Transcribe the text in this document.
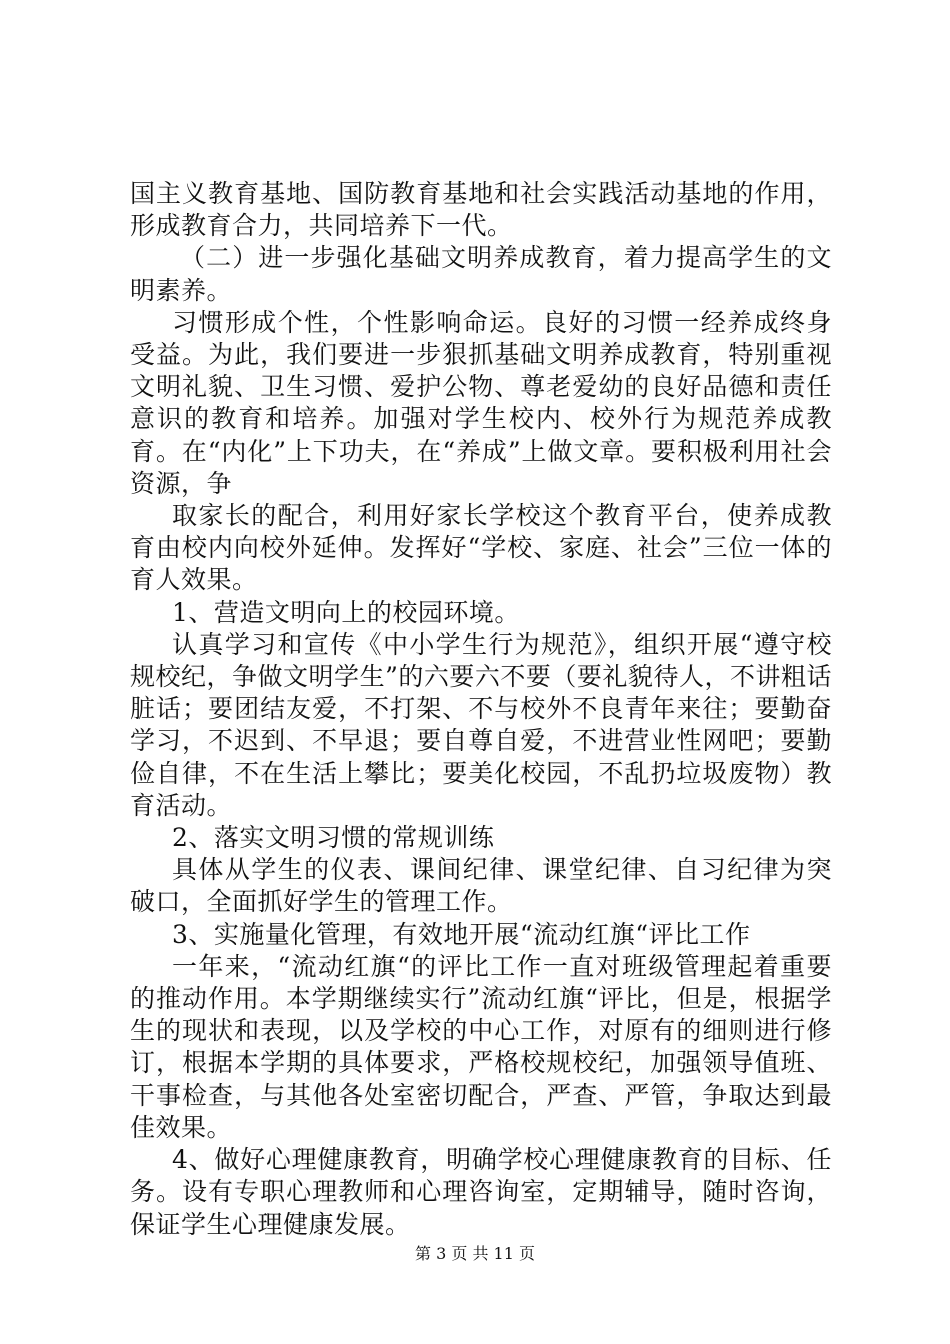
国主义教育基地、国防教育基地和社会实践活动基地的作用，形成教育合力，共同培养下一代。

（二）进一步强化基础文明养成教育，着力提高学生的文明素养。

习惯形成个性，个性影响命运。良好的习惯一经养成终身受益。为此，我们要进一步狠抓基础文明养成教育，特别重视文明礼貌、卫生习惯、爱护公物、尊老爱幼的良好品德和责任意识的教育和培养。加强对学生校内、校外行为规范养成教育。在“内化”上下功夫，在“养成”上做文章。要积极利用社会资源，争

取家长的配合，利用好家长学校这个教育平台，使养成教育由校内向校外延伸。发挥好“学校、家庭、社会”三位一体的育人效果。

1、营造文明向上的校园环境。

认真学习和宣传《中小学生行为规范》，组织开展“遵守校规校纪，争做文明学生”的六要六不要（要礼貌待人，不讲粗话脏话；要团结友爱，不打架、不与校外不良青年来往；要勤奋学习，不迟到、不早退；要自尊自爱，不进营业性网吧；要勤俭自律，不在生活上攀比；要美化校园，不乱扔垃圾废物）教育活动。

2、落实文明习惯的常规训练

具体从学生的仪表、课间纪律、课堂纪律、自习纪律为突破口，全面抓好学生的管理工作。

3、实施量化管理，有效地开展“流动红旗“评比工作

一年来，“流动红旗“的评比工作一直对班级管理起着重要的推动作用。本学期继续实行”流动红旗“评比，但是，根据学生的现状和表现，以及学校的中心工作，对原有的细则进行修订，根据本学期的具体要求，严格校规校纪，加强领导值班、干事检查，与其他各处室密切配合，严查、严管，争取达到最佳效果。

4、做好心理健康教育，明确学校心理健康教育的目标、任务。设有专职心理教师和心理咨询室，定期辅导，随时咨询，保证学生心理健康发展。

第 3 页 共 11 页
